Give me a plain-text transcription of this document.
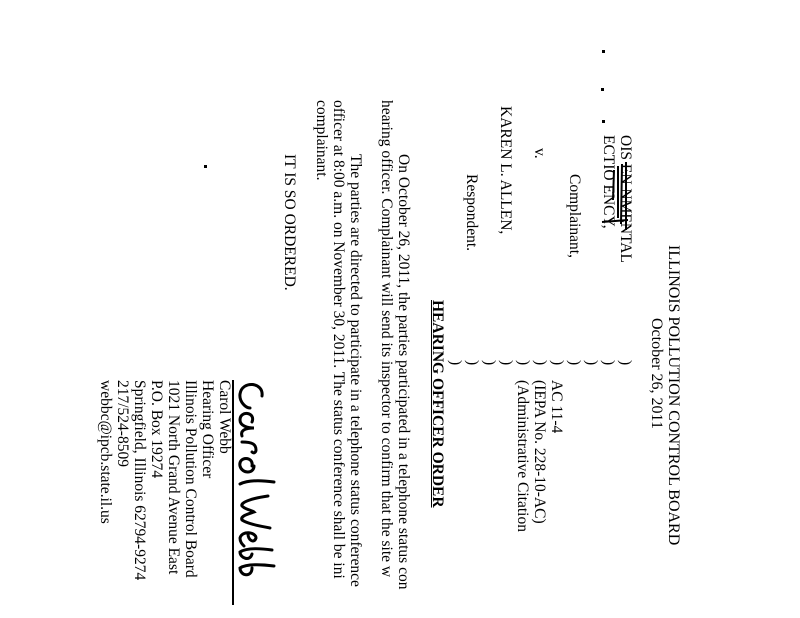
ILLINOIS POLLUTION CONTROL BOARD
October 26, 2011
OIS EN NMENTAL
ECTIO ENCY,
Complainant,
v.
KAREN L. ALLEN,
Respondent.
)
)
)
)
)
)
)
)
)
)
)
AC 11-4
(IEPA No. 228-10-AC)
(Administrative Citation
HEARING OFFICER ORDER
On October 26, 2011, the parties participated in a telephone status con
hearing officer. Complainant will send its inspector to confirm that the site w
The parties are directed to participate in a telephone status conference
officer at 8:00 a.m. on November 30, 2011. The status conference shall be ini
complainant.
IT IS SO ORDERED.
Carol Webb
Hearing Officer
Illinois Pollution Control Board
1021 North Grand Avenue East
P.O. Box 19274
Springfield, Illinois 62794-9274
217/524-8509
webbc@ipcb.state.il.us
